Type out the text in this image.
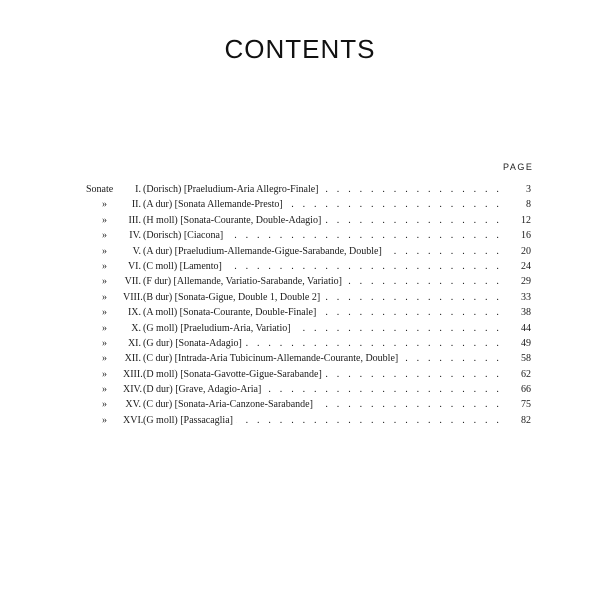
CONTENTS
PAGE
Sonate	I. (Dorisch) [Praeludium-Aria Allegro-Finale] . . .	3
»	II. (A dur) [Sonata Allemande-Presto] . . .	8
»	III. (H moll) [Sonata-Courante, Double-Adagio] . . .	12
»	IV. (Dorisch) [Ciacona] . . .	16
»	V. (A dur) [Praeludium-Allemande-Gigue-Sarabande, Double] . . .	20
»	VI. (C moll) [Lamento] . . .	24
»	VII. (F dur) [Allemande, Variatio-Sarabande, Variatio] . . .	29
»	VIII. (B dur) [Sonata-Gigue, Double 1, Double 2] . . .	33
»	IX. (A moll) [Sonata-Courante, Double-Finale] . . .	38
»	X. (G moll) [Praeludium-Aria, Variatio] . . .	44
»	XI. (G dur) [Sonata-Adagio] . . .	49
»	XII. (C dur) [Intrada-Aria Tubicinum-Allemande-Courante, Double] . . .	58
»	XIII. (D moll) [Sonata-Gavotte-Gigue-Sarabande] . . .	62
»	XIV. (D dur) [Grave, Adagio-Aria] . . .	66
»	XV. (C dur) [Sonata-Aria-Canzone-Sarabande] . . .	75
»	XVI. (G moll) [Passacaglia] . . .	82
